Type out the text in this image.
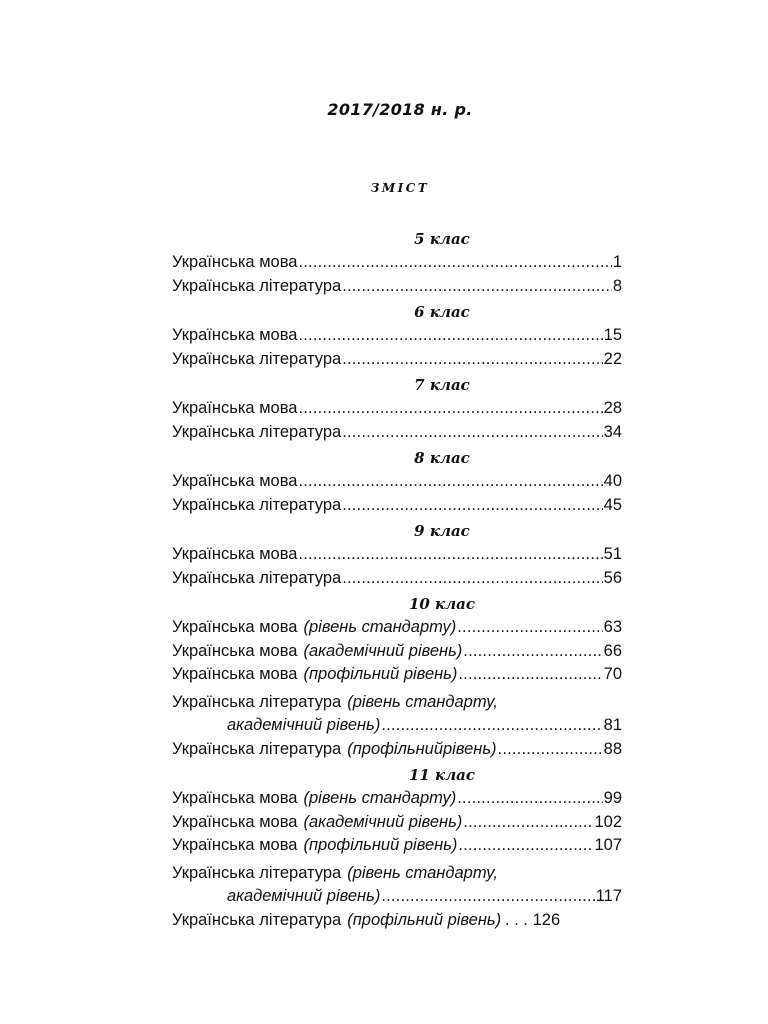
2017/2018 н. р.
ЗМІСТ
5 клас
Українська мова .....	1
Українська література .....	8
6 клас
Українська мова .....	15
Українська література .....	22
7 клас
Українська мова .....	28
Українська література .....	34
8 клас
Українська мова .....	40
Українська література .....	45
9 клас
Українська мова .....	51
Українська література .....	56
10 клас
Українська мова (рівень стандарту) .....	63
Українська мова (академічний рівень) .....	66
Українська мова (профільний рівень) .....	70
Українська література (рівень стандарту,
академічний рівень) .....	81
Українська література (профільнийрівень) .....	88
11 клас
Українська мова (рівень стандарту) .....	99
Українська мова (академічний рівень) .....	102
Українська мова (профільний рівень) .....	107
Українська література (рівень стандарту,
академічний рівень) .....	117
Українська література (профільний рівень) . . . 126
